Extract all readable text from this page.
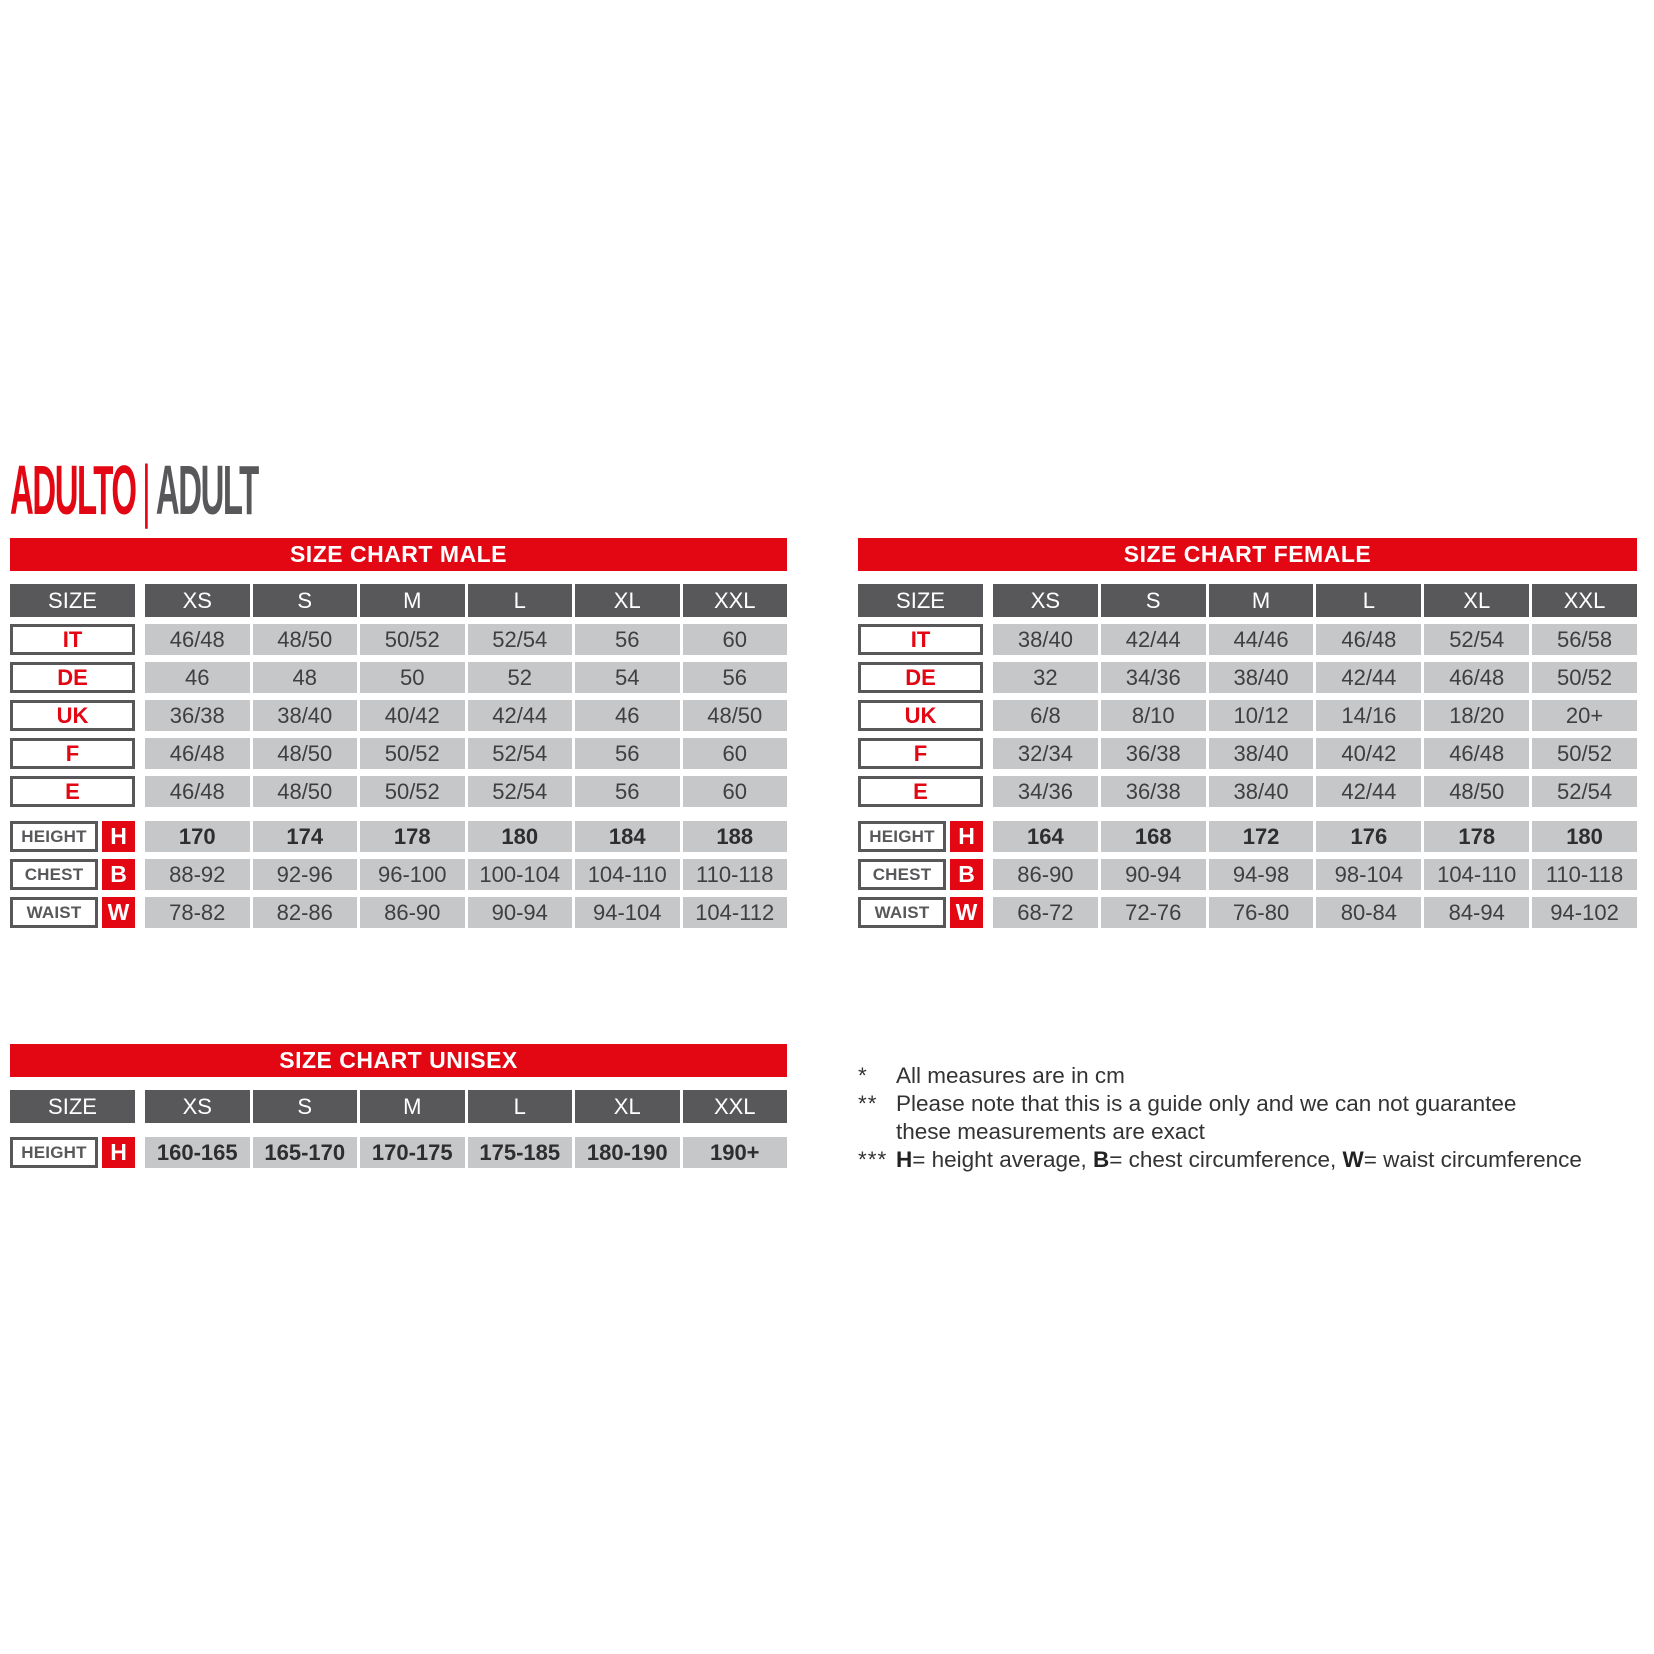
ADULTO|ADULT
SIZE CHART MALE
SIZE	XS	S	M	L	XL	XXL
IT	46/48	48/50	50/52	52/54	56	60
DE	46	48	50	52	54	56
UK	36/38	38/40	40/42	42/44	46	48/50
F	46/48	48/50	50/52	52/54	56	60
E	46/48	48/50	50/52	52/54	56	60
HEIGHT	H	170	174	178	180	184	188
CHEST	B	88-92	92-96	96-100	100-104	104-110	110-118
WAIST	W	78-82	82-86	86-90	90-94	94-104	104-112
SIZE CHART FEMALE
SIZE	XS	S	M	L	XL	XXL
IT	38/40	42/44	44/46	46/48	52/54	56/58
DE	32	34/36	38/40	42/44	46/48	50/52
UK	6/8	8/10	10/12	14/16	18/20	20+
F	32/34	36/38	38/40	40/42	46/48	50/52
E	34/36	36/38	38/40	42/44	48/50	52/54
HEIGHT	H	164	168	172	176	178	180
CHEST	B	86-90	90-94	94-98	98-104	104-110	110-118
WAIST	W	68-72	72-76	76-80	80-84	84-94	94-102
SIZE CHART UNISEX
SIZE	XS	S	M	L	XL	XXL
HEIGHT	H	160-165	165-170	170-175	175-185	180-190	190+
*	All measures are in cm
** Please note that this is a guide only and we can not guarantee
these measurements are exact
*** H= height average, B= chest circumference, W= waist circumference
